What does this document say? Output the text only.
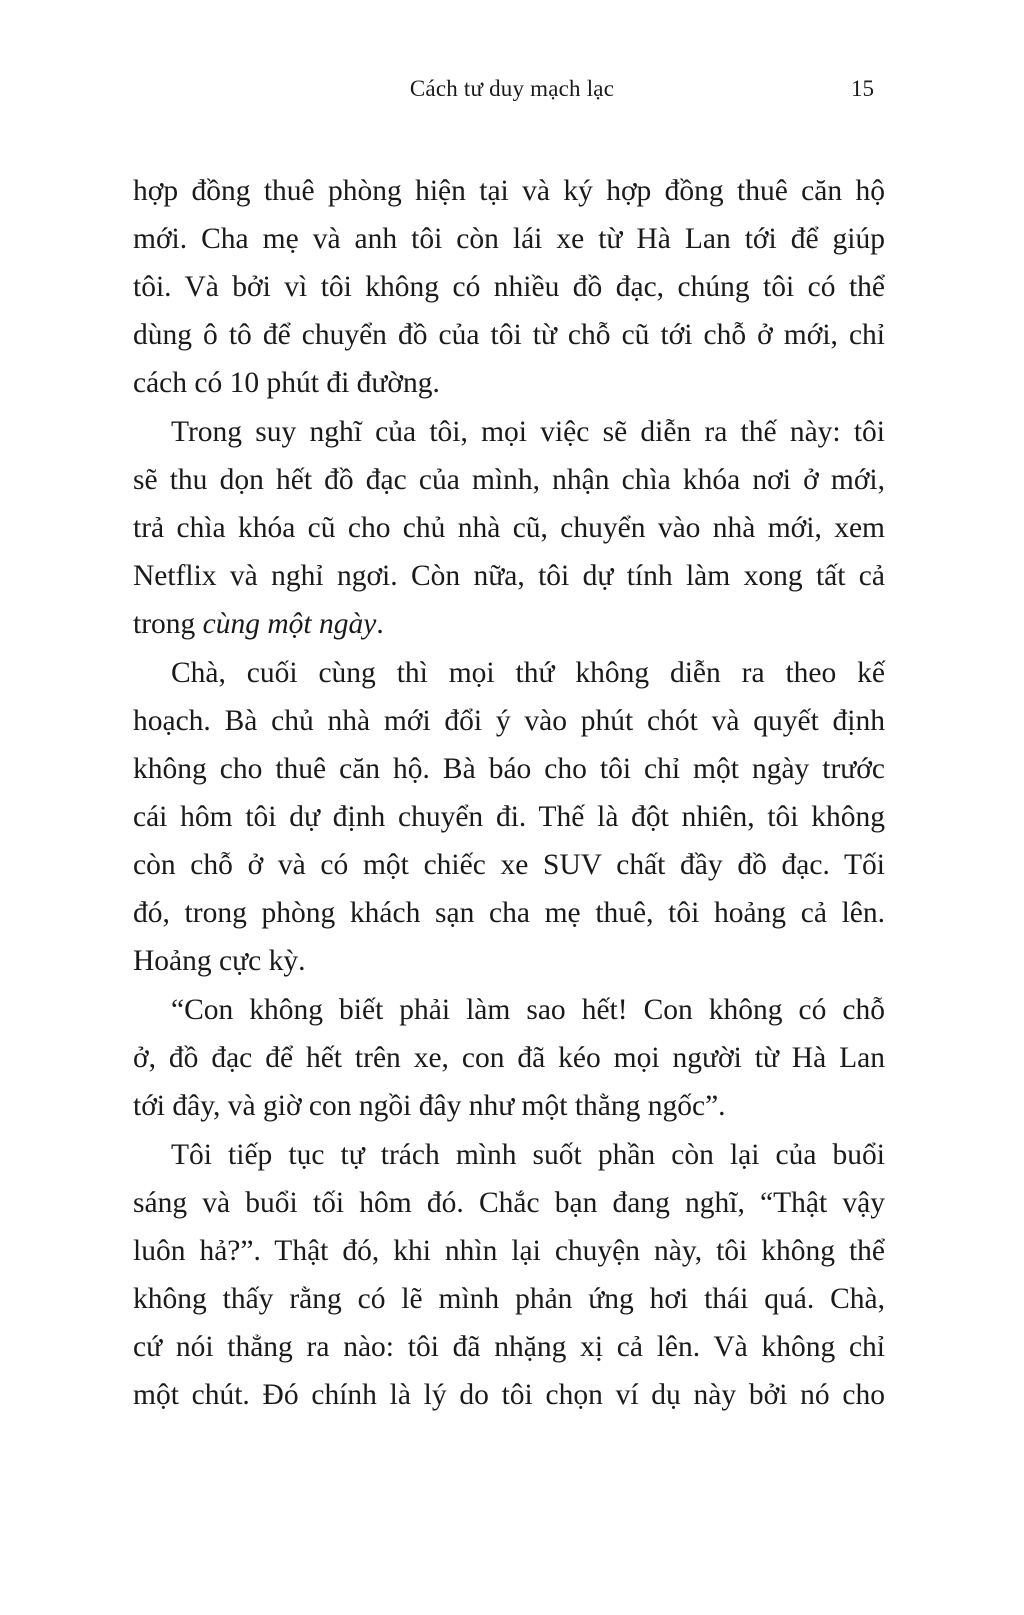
Cách tư duy mạch lạc	15
hợp đồng thuê phòng hiện tại và ký hợp đồng thuê căn hộ
mới. Cha mẹ và anh tôi còn lái xe từ Hà Lan tới để giúp
tôi. Và bởi vì tôi không có nhiều đồ đạc, chúng tôi có thể
dùng ô tô để chuyển đồ của tôi từ chỗ cũ tới chỗ ở mới, chỉ
cách có 10 phút đi đường.
Trong suy nghĩ của tôi, mọi việc sẽ diễn ra thế này: tôi
sẽ thu dọn hết đồ đạc của mình, nhận chìa khóa nơi ở mới,
trả chìa khóa cũ cho chủ nhà cũ, chuyển vào nhà mới, xem
Netflix và nghỉ ngơi. Còn nữa, tôi dự tính làm xong tất cả
trong cùng một ngày.
Chà, cuối cùng thì mọi thứ không diễn ra theo kế
hoạch. Bà chủ nhà mới đổi ý vào phút chót và quyết định
không cho thuê căn hộ. Bà báo cho tôi chỉ một ngày trước
cái hôm tôi dự định chuyển đi. Thế là đột nhiên, tôi không
còn chỗ ở và có một chiếc xe SUV chất đầy đồ đạc. Tối
đó, trong phòng khách sạn cha mẹ thuê, tôi hoảng cả lên.
Hoảng cực kỳ.
“Con không biết phải làm sao hết! Con không có chỗ
ở, đồ đạc để hết trên xe, con đã kéo mọi người từ Hà Lan
tới đây, và giờ con ngồi đây như một thằng ngốc”.
Tôi tiếp tục tự trách mình suốt phần còn lại của buổi
sáng và buổi tối hôm đó. Chắc bạn đang nghĩ, “Thật vậy
luôn hả?”. Thật đó, khi nhìn lại chuyện này, tôi không thể
không thấy rằng có lẽ mình phản ứng hơi thái quá. Chà,
cứ nói thẳng ra nào: tôi đã nhặng xị cả lên. Và không chỉ
một chút. Đó chính là lý do tôi chọn ví dụ này bởi nó cho
